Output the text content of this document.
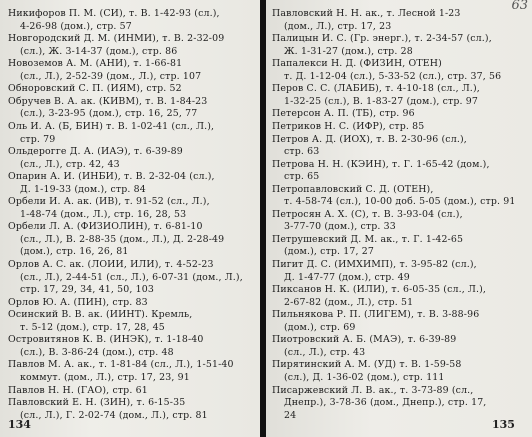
Никифоров П. М. (СИ), т. В. 1-42-93 (сл.),
4-26-98 (дом.), стр. 57
Новгородский Д. М. (ИНМИ), т. В. 2-32-09
(сл.), Ж. 3-14-37 (дом.), стр. 86
Новоземов А. М. (АНИ), т. 1-66-81
(сл., Л.), 2-52-39 (дом., Л.), стр. 107
Обноровский С. П. (ИЯМ), стр. 52
Обручев В. А. ак. (КИВМ), т. В. 1-84-23
(сл.), 3-23-95 (дом.), стр. 16, 25, 77
Оль И. А. (Б, БИН) т. В. 1-02-41 (сл., Л.),
стр. 79
Ольдерогге Д. А. (ИАЭ), т. 6-39-89
(сл., Л.), стр. 42, 43
Опарин А. И. (ИНБИ), т. В. 2-32-04 (сл.),
Д. 1-19-33 (дом.), стр. 84
Орбели И. А. ак. (ИВ), т. 91-52 (сл., Л.),
1-48-74 (дом., Л.), стр. 16, 28, 53
Орбели Л. А. (ФИЗИОЛИН), т. 6-81-10
(сл., Л.), В. 2-88-35 (дом., Л.), Д. 2-28-49
(дом.), стр. 16, 26, 81
Орлов А. С. ак. (ЛОИИ, ИЛИ), т. 4-52-23
(сл., Л.), 2-44-51 (сл., Л.), 6-07-31 (дом., Л.),
стр. 17, 29, 34, 41, 50, 103
Орлов Ю. А. (ПИН), стр. 83
Осинский В. В. ак. (ИИНТ). Кремль,
т. 5-12 (дом.), стр. 17, 28, 45
Островитянов К. В. (ИНЭК), т. 1-18-40
(сл.), В. 3-86-24 (дом.), стр. 48
Павлов М. А. ак., т. 1-81-84 (сл., Л.), 1-51-40
коммут. (дом., Л.), стр. 17, 23, 91
Павлов Н. Н. (ГАО), стр. 61
Павловский Е. Н. (ЗИН), т. 6-15-35
(сл., Л.), Г. 2-02-74 (дом., Л.), стр. 81
134
63
Павловский Н. Н. ак., т. Лесной 1-23
(дом., Л.), стр. 17, 23
Палицын И. С. (Гр. энерг.), т. 2-34-57 (сл.),
Ж. 1-31-27 (дом.), стр. 28
Папалекси Н. Д. (ФИЗИН, ОТЕН)
т. Д. 1-12-04 (сл.), 5-33-52 (сл.), стр. 37, 56
Перов С. С. (ЛАБИБ), т. 4-10-18 (сл., Л.),
1-32-25 (сл.), В. 1-83-27 (дом.), стр. 97
Петерсон А. П. (ТБ), стр. 96
Петриков Н. С. (ИФР), стр. 85
Петров А. Д. (ИОХ), т. В. 2-30-96 (сл.),
стр. 63
Петрова Н. Н. (КЭИН), т. Г. 1-65-42 (дом.),
стр. 65
Петропавловский С. Д. (ОТЕН),
т. 4-58-74 (сл.), 10-00 доб. 5-05 (дом.), стр. 91
Петросян А. Х. (С), т. В. 3-93-04 (сл.),
3-77-70 (дом.), стр. 33
Петрушевский Д. М. ак., т. Г. 1-42-65
(дом.), стр. 17, 27
Пигит Д. С. (ИМХИМП), т. 3-95-82 (сл.),
Д. 1-47-77 (дом.), стр. 49
Пиксанов Н. К. (ИЛИ), т. 6-05-35 (сл., Л.),
2-67-82 (дом., Л.), стр. 51
Пильнякова Р. П. (ЛИГЕМ), т. В. 3-88-96
(дом.), стр. 69
Пиотровский А. Б. (МАЭ), т. 6-39-89
(сл., Л.), стр. 43
Пирятинский А. М. (УД) т. В. 1-59-58
(сл.), Д. 1-36-02 (дом.), стр. 111
Писаржевский Л. В. ак., т. 3-73-89 (сл.,
Днепр.), 3-78-36 (дом., Днепр.), стр. 17,
24
135
